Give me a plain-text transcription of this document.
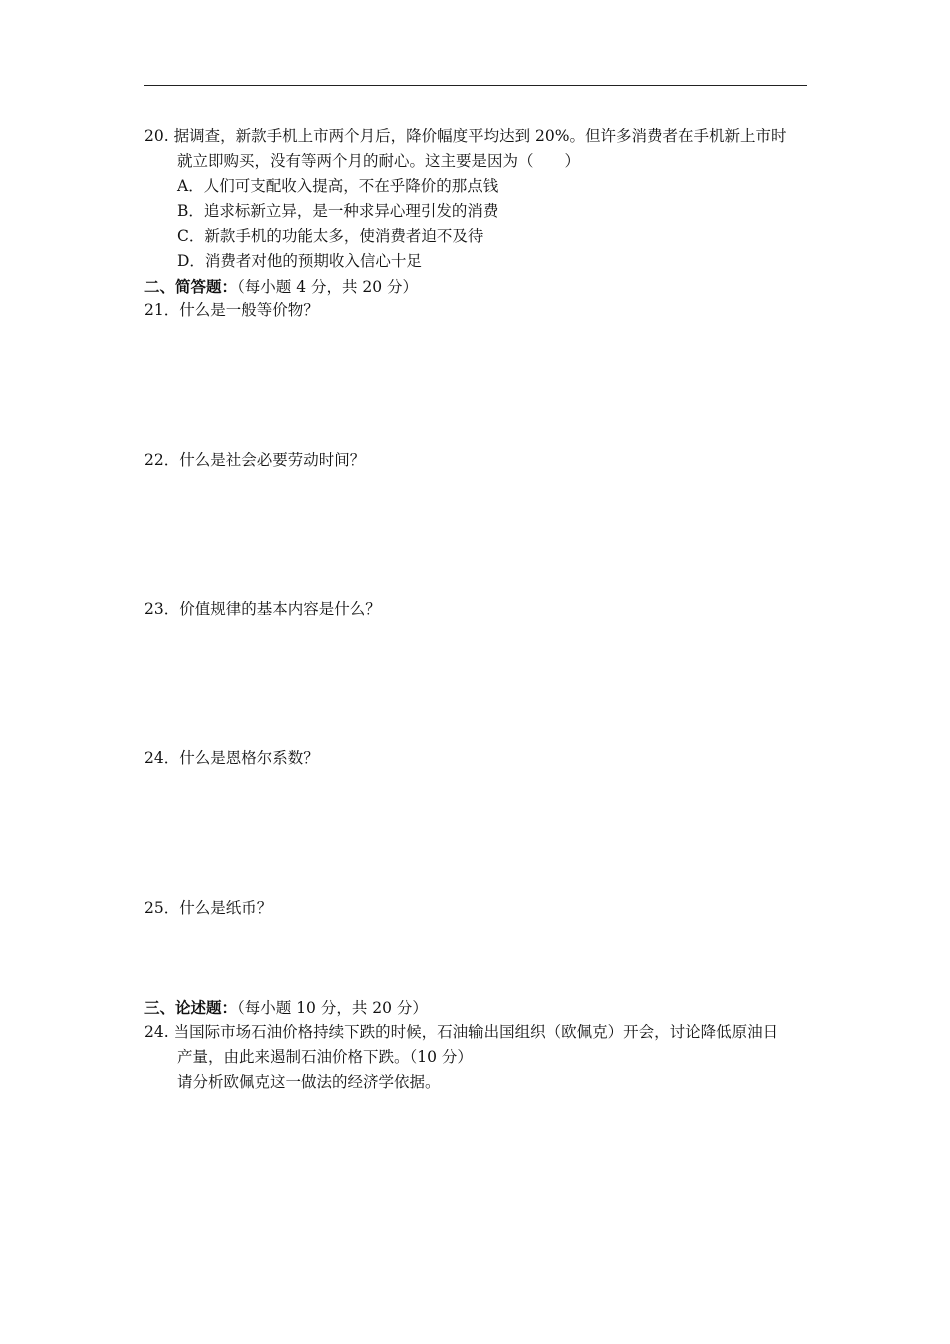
20. 据调查，新款手机上市两个月后，降价幅度平均达到 20%。但许多消费者在手机新上市时
就立即购买，没有等两个月的耐心。这主要是因为（　　）
A．人们可支配收入提高，不在乎降价的那点钱
B．追求标新立异，是一种求异心理引发的消费
C．新款手机的功能太多，使消费者迫不及待
D．消费者对他的预期收入信心十足
二、简答题：（每小题 4 分，共 20 分）
21．什么是一般等价物？
22．什么是社会必要劳动时间？
23．价值规律的基本内容是什么？
24．什么是恩格尔系数？
25．什么是纸币？
三、论述题：（每小题 10 分，共 20 分）
24. 当国际市场石油价格持续下跌的时候，石油输出国组织（欧佩克）开会，讨论降低原油日
产量，由此来遏制石油价格下跌。（10 分）
请分析欧佩克这一做法的经济学依据。
